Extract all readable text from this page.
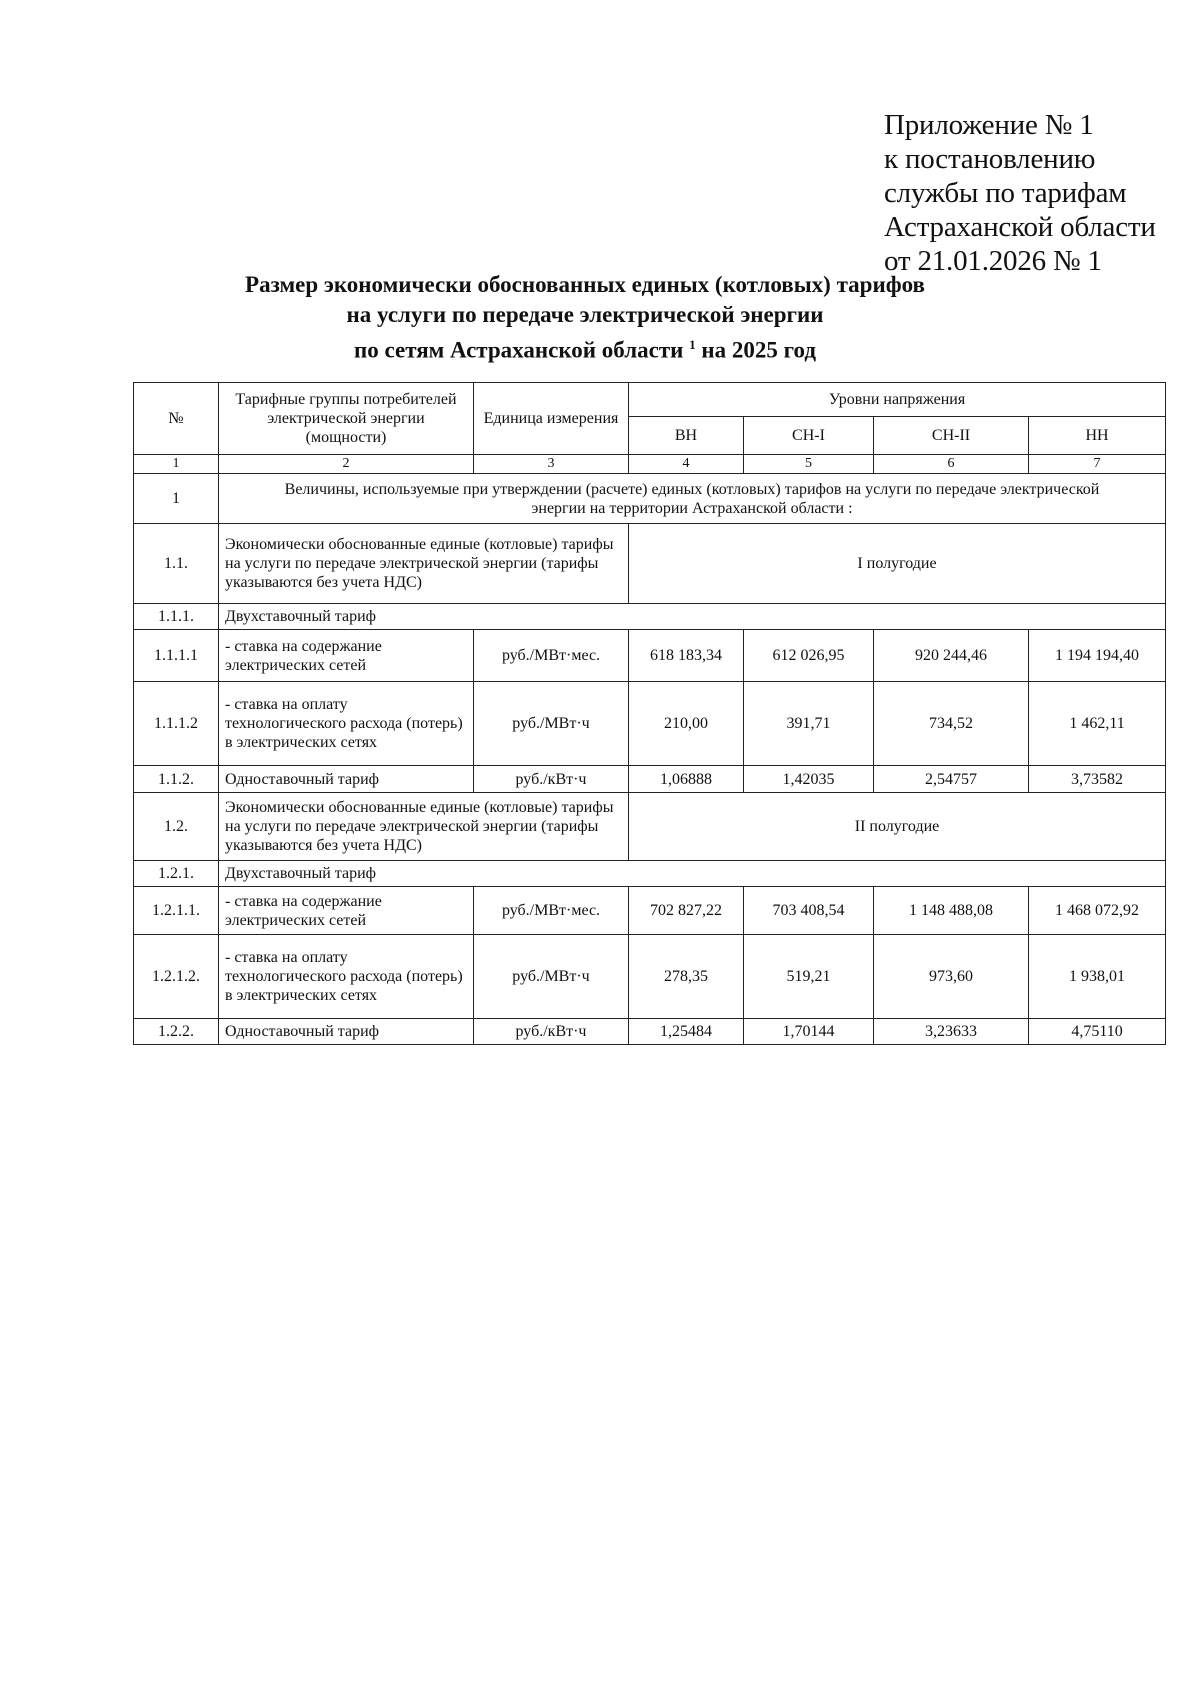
Приложение № 1
к постановлению
службы по тарифам
Астраханской области
от 21.01.2026 № 1
Размер экономически обоснованных единых (котловых) тарифов
на услуги по передаче электрической энергии
по сетям Астраханской области $^1$ на 2025 год
№	Тарифные группы потребителей электрической энергии (мощности)	Единица измерения	Уровни напряжения			
			ВН	СН-I	СН-II	НН
1	2	3	4	5	6	7
1	Величины, используемые при утверждении (расчете) единых (котловых) тарифов на услуги по передаче электрической энергии на территории Астраханской области :					
1.1.	Экономически обоснованные единые (котловые) тарифы на услуги по передаче электрической энергии (тарифы указываются без учета НДС)		I полугодие			
1.1.1.	Двухставочный тариф					
1.1.1.1	- ставка на содержание электрических сетей	руб./МВт·мес.	618 183,34	612 026,95	920 244,46	1 194 194,40
1.1.1.2	- ставка на оплату технологического расхода (потерь) в электрических сетях	руб./МВт·ч	210,00	391,71	734,52	1 462,11
1.1.2.	Одноставочный тариф	руб./кВт·ч	1,06888	1,42035	2,54757	3,73582
1.2.	Экономически обоснованные единые (котловые) тарифы на услуги по передаче электрической энергии (тарифы указываются без учета НДС)		II полугодие			
1.2.1.	Двухставочный тариф					
1.2.1.1.	- ставка на содержание электрических сетей	руб./МВт·мес.	702 827,22	703 408,54	1 148 488,08	1 468 072,92
1.2.1.2.	- ставка на оплату технологического расхода (потерь) в электрических сетях	руб./МВт·ч	278,35	519,21	973,60	1 938,01
1.2.2.	Одноставочный тариф	руб./кВт·ч	1,25484	1,70144	3,23633	4,75110
